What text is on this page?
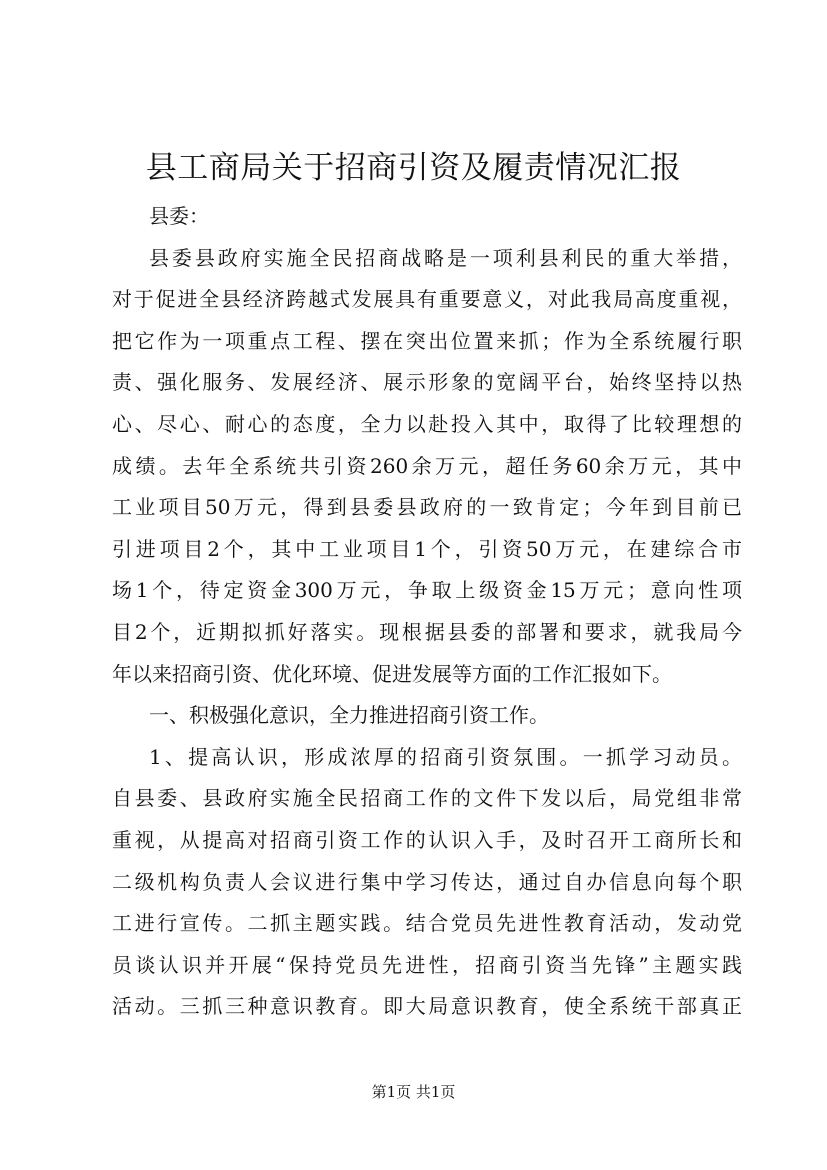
县工商局关于招商引资及履责情况汇报
县委：
县委县政府实施全民招商战略是一项利县利民的重大举措，
对于促进全县经济跨越式发展具有重要意义，对此我局高度重视，
把它作为一项重点工程、摆在突出位置来抓；作为全系统履行职
责、强化服务、发展经济、展示形象的宽阔平台，始终坚持以热
心、尽心、耐心的态度，全力以赴投入其中，取得了比较理想的
成绩。去年全系统共引资260余万元，超任务60余万元，其中
工业项目50万元，得到县委县政府的一致肯定；今年到目前已
引进项目2个，其中工业项目1个，引资50万元，在建综合市
场1个，待定资金300万元，争取上级资金15万元；意向性项
目2个，近期拟抓好落实。现根据县委的部署和要求，就我局今
年以来招商引资、优化环境、促进发展等方面的工作汇报如下。
一、积极强化意识，全力推进招商引资工作。
1、提高认识，形成浓厚的招商引资氛围。一抓学习动员。
自县委、县政府实施全民招商工作的文件下发以后，局党组非常
重视，从提高对招商引资工作的认识入手，及时召开工商所长和
二级机构负责人会议进行集中学习传达，通过自办信息向每个职
工进行宣传。二抓主题实践。结合党员先进性教育活动，发动党
员谈认识并开展“保持党员先进性，招商引资当先锋”主题实践
活动。三抓三种意识教育。即大局意识教育，使全系统干部真正
第1页 共1页
